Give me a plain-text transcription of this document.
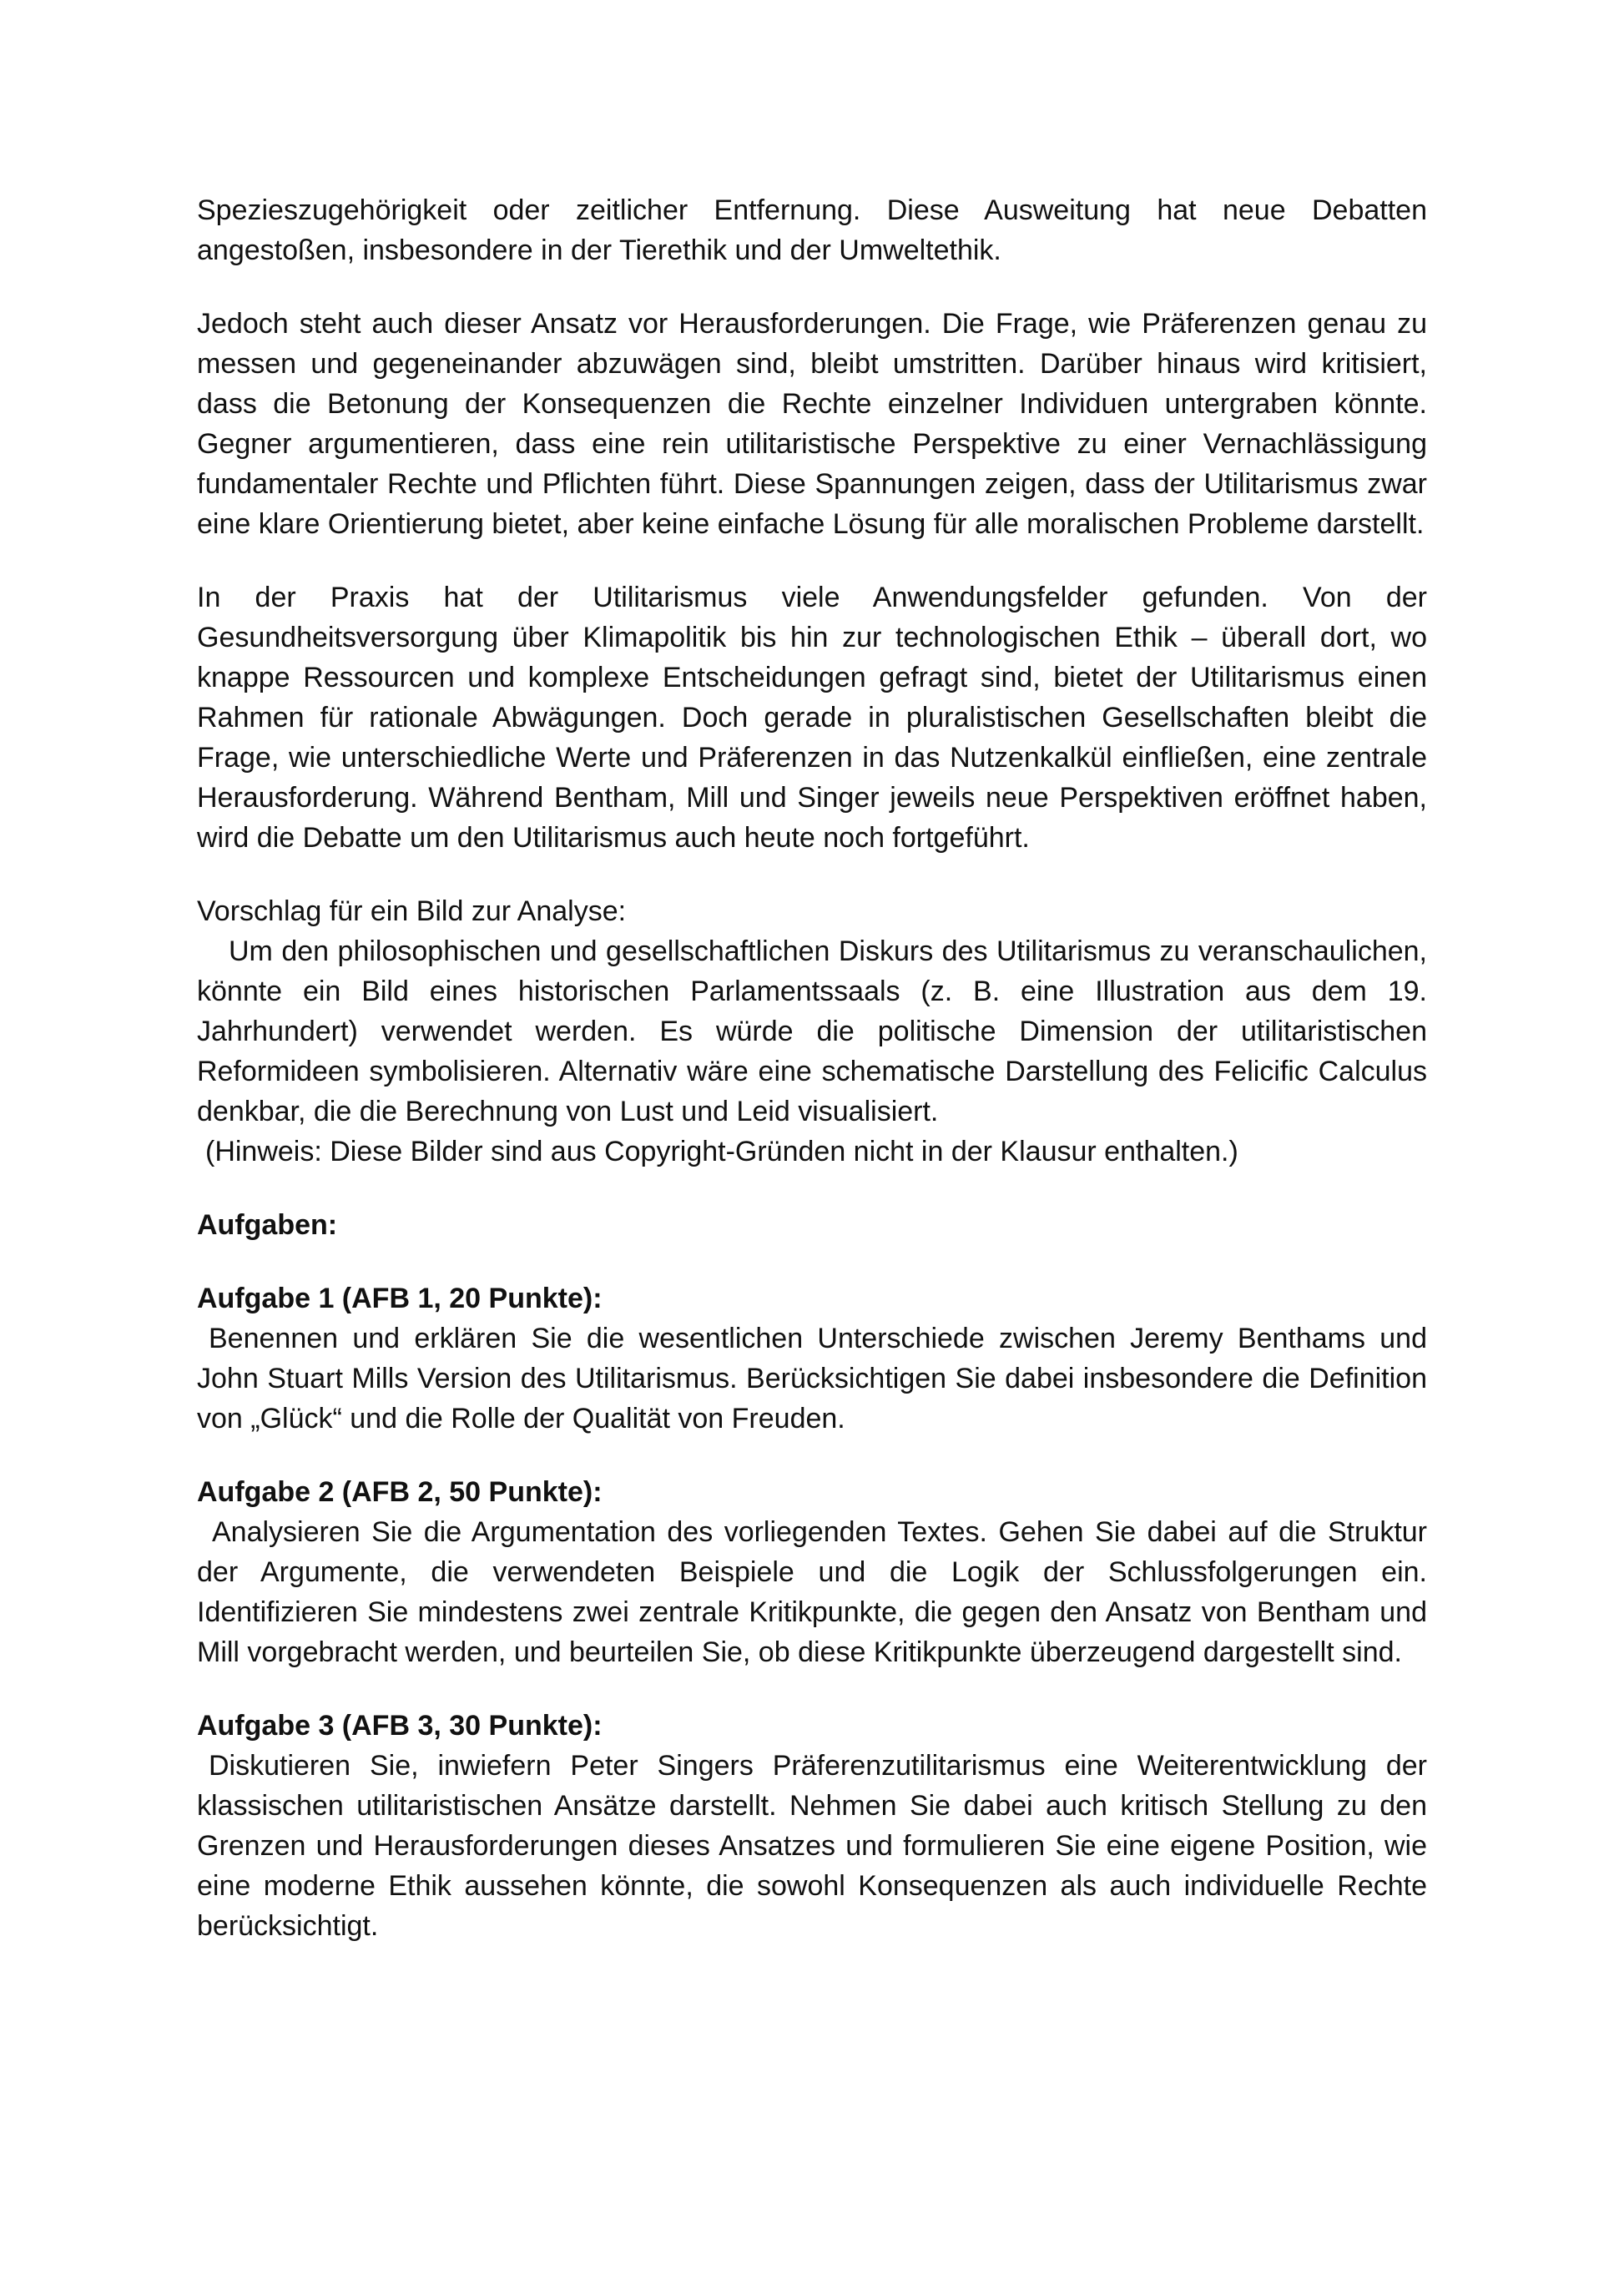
Spezieszugehörigkeit oder zeitlicher Entfernung. Diese Ausweitung hat neue Debatten angestoßen, insbesondere in der Tierethik und der Umweltethik.

Jedoch steht auch dieser Ansatz vor Herausforderungen. Die Frage, wie Präferenzen genau zu messen und gegeneinander abzuwägen sind, bleibt umstritten. Darüber hinaus wird kritisiert, dass die Betonung der Konsequenzen die Rechte einzelner Individuen untergraben könnte. Gegner argumentieren, dass eine rein utilitaristische Perspektive zu einer Vernachlässigung fundamentaler Rechte und Pflichten führt. Diese Spannungen zeigen, dass der Utilitarismus zwar eine klare Orientierung bietet, aber keine einfache Lösung für alle moralischen Probleme darstellt.

In der Praxis hat der Utilitarismus viele Anwendungsfelder gefunden. Von der Gesundheitsversorgung über Klimapolitik bis hin zur technologischen Ethik – überall dort, wo knappe Ressourcen und komplexe Entscheidungen gefragt sind, bietet der Utilitarismus einen Rahmen für rationale Abwägungen. Doch gerade in pluralistischen Gesellschaften bleibt die Frage, wie unterschiedliche Werte und Präferenzen in das Nutzenkalkül einfließen, eine zentrale Herausforderung. Während Bentham, Mill und Singer jeweils neue Perspektiven eröffnet haben, wird die Debatte um den Utilitarismus auch heute noch fortgeführt.

Vorschlag für ein Bild zur Analyse:

Um den philosophischen und gesellschaftlichen Diskurs des Utilitarismus zu veranschaulichen, könnte ein Bild eines historischen Parlamentssaals (z. B. eine Illustration aus dem 19. Jahrhundert) verwendet werden. Es würde die politische Dimension der utilitaristischen Reformideen symbolisieren. Alternativ wäre eine schematische Darstellung des Felicific Calculus denkbar, die die Berechnung von Lust und Leid visualisiert.

(Hinweis: Diese Bilder sind aus Copyright-Gründen nicht in der Klausur enthalten.)

Aufgaben:

Aufgabe 1 (AFB 1, 20 Punkte):

Benennen und erklären Sie die wesentlichen Unterschiede zwischen Jeremy Benthams und John Stuart Mills Version des Utilitarismus. Berücksichtigen Sie dabei insbesondere die Definition von „Glück“ und die Rolle der Qualität von Freuden.

Aufgabe 2 (AFB 2, 50 Punkte):

Analysieren Sie die Argumentation des vorliegenden Textes. Gehen Sie dabei auf die Struktur der Argumente, die verwendeten Beispiele und die Logik der Schlussfolgerungen ein. Identifizieren Sie mindestens zwei zentrale Kritikpunkte, die gegen den Ansatz von Bentham und Mill vorgebracht werden, und beurteilen Sie, ob diese Kritikpunkte überzeugend dargestellt sind.

Aufgabe 3 (AFB 3, 30 Punkte):

Diskutieren Sie, inwiefern Peter Singers Präferenzutilitarismus eine Weiterentwicklung der klassischen utilitaristischen Ansätze darstellt. Nehmen Sie dabei auch kritisch Stellung zu den Grenzen und Herausforderungen dieses Ansatzes und formulieren Sie eine eigene Position, wie eine moderne Ethik aussehen könnte, die sowohl Konsequenzen als auch individuelle Rechte berücksichtigt.
